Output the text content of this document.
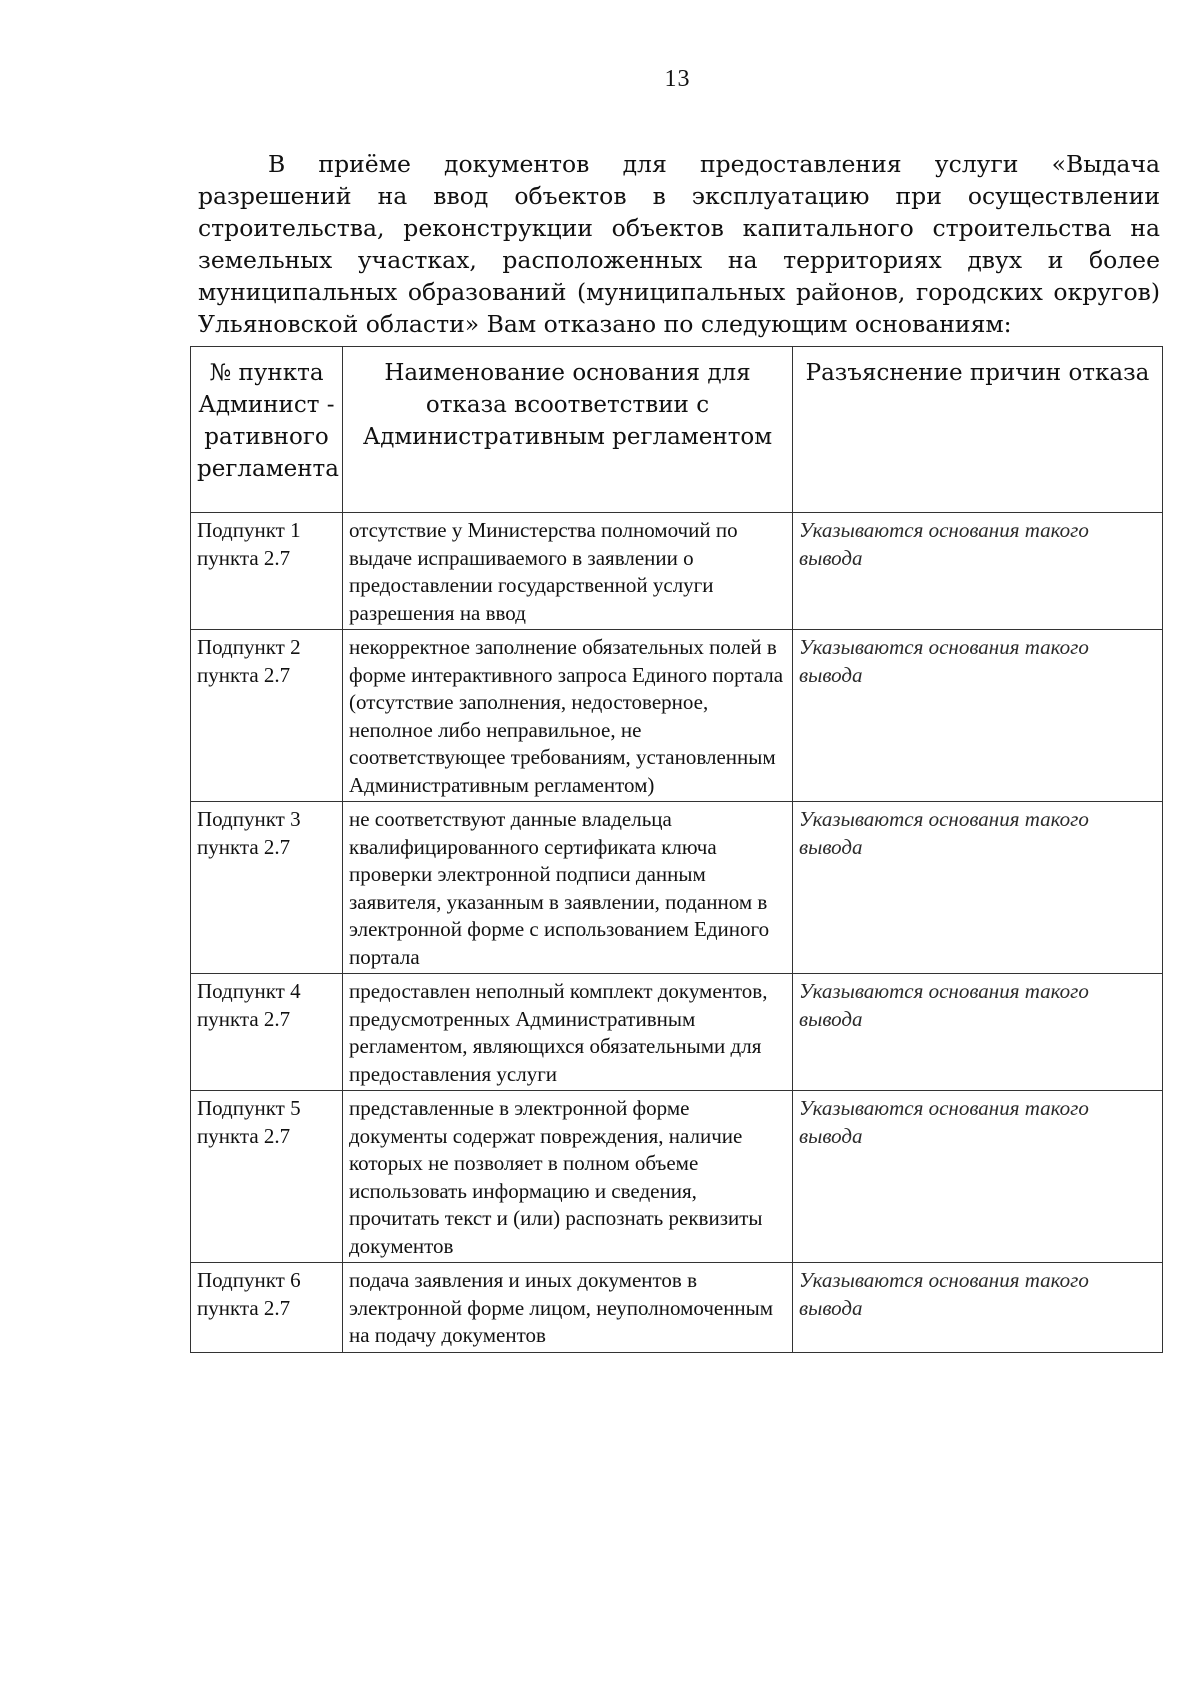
13

В приёме документов для предоставления услуги «Выдача разрешений на ввод объектов в эксплуатацию при осуществлении строительства, реконструкции объектов капитального строительства на земельных участках, расположенных на территориях двух и более муниципальных образований (муниципальных районов, городских округов) Ульяновской области» Вам отказано по следующим основаниям:

№ пункта Админист - ративного регламента	Наименование основания для отказа всоответствии с Административным регламентом	Разъяснение причин отказа
Подпункт 1 пункта 2.7	отсутствие у Министерства полномочий по выдаче испрашиваемого в заявлении о предоставлении государственной услуги разрешения на ввод	Указываются основания такого вывода
Подпункт 2 пункта 2.7	некорректное заполнение обязательных полей в форме интерактивного запроса Единого портала (отсутствие заполнения, недостоверное, неполное либо неправильное, не соответствующее требованиям, установленным Административным регламентом)	Указываются основания такого вывода
Подпункт 3 пункта 2.7	не соответствуют данные владельца квалифицированного сертификата ключа проверки электронной подписи данным заявителя, указанным в заявлении, поданном в электронной форме с использованием Единого портала	Указываются основания такого вывода
Подпункт 4 пункта 2.7	предоставлен неполный комплект документов, предусмотренных Административным регламентом, являющихся обязательными для предоставления услуги	Указываются основания такого вывода
Подпункт 5 пункта 2.7	представленные в электронной форме документы содержат повреждения, наличие которых не позволяет в полном объеме использовать информацию и сведения, прочитать текст и (или) распознать реквизиты документов	Указываются основания такого вывода
Подпункт 6 пункта 2.7	подача заявления и иных документов в электронной форме лицом, неуполномоченным на подачу документов	Указываются основания такого вывода
